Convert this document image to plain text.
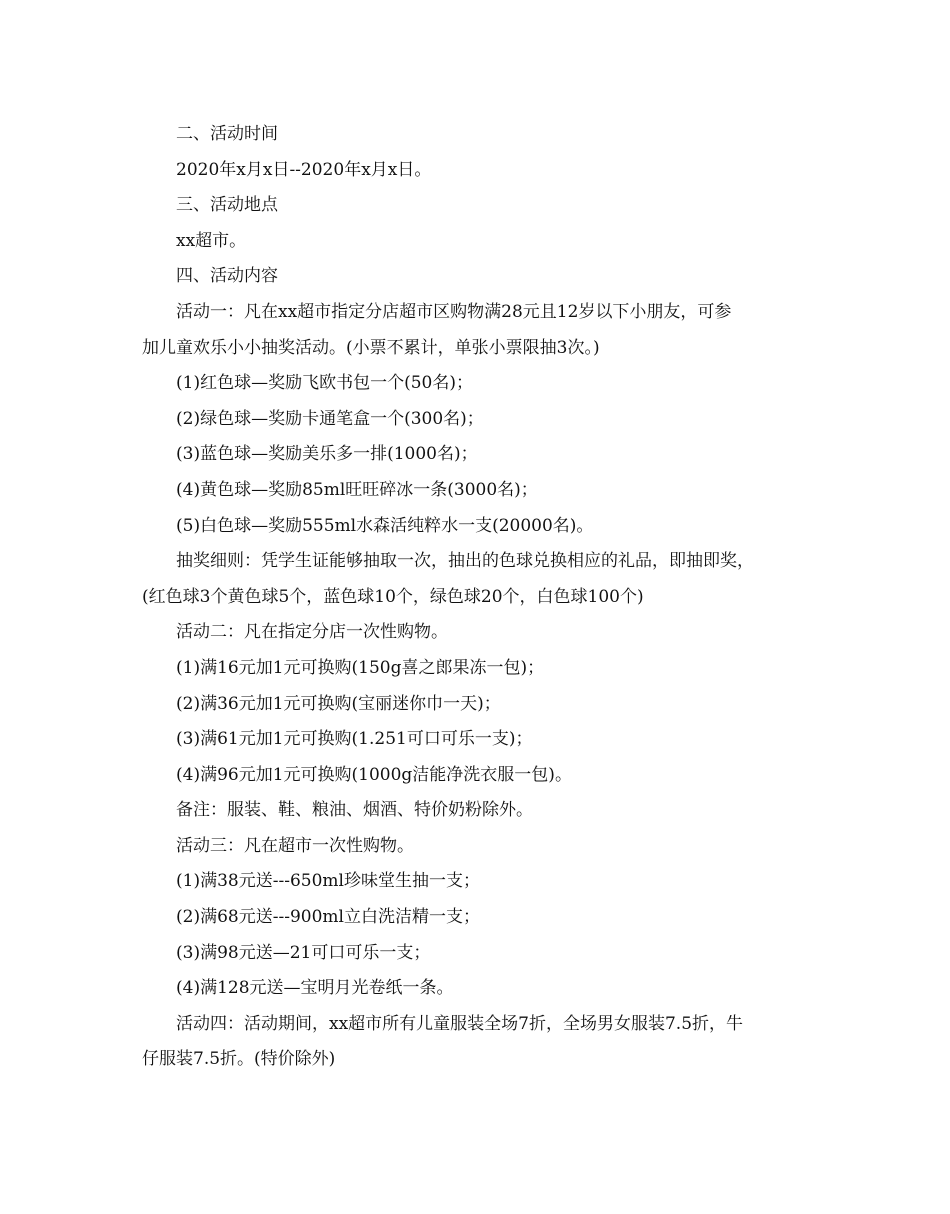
二、活动时间
2020年x月x日--2020年x月x日。
三、活动地点
xx超市。
四、活动内容
活动一：凡在xx超市指定分店超市区购物满28元且12岁以下小朋友，可参
加儿童欢乐小小抽奖活动。(小票不累计，单张小票限抽3次。)
(1)红色球—奖励飞欧书包一个(50名)；
(2)绿色球—奖励卡通笔盒一个(300名)；
(3)蓝色球—奖励美乐多一排(1000名)；
(4)黄色球—奖励85ml旺旺碎冰一条(3000名)；
(5)白色球—奖励555ml水森活纯粹水一支(20000名)。
抽奖细则：凭学生证能够抽取一次，抽出的色球兑换相应的礼品，即抽即奖，
(红色球3个黄色球5个，蓝色球10个，绿色球20个，白色球100个)
活动二：凡在指定分店一次性购物。
(1)满16元加1元可换购(150g喜之郎果冻一包)；
(2)满36元加1元可换购(宝丽迷你巾一天)；
(3)满61元加1元可换购(1.251可口可乐一支)；
(4)满96元加1元可换购(1000g洁能净洗衣服一包)。
备注：服装、鞋、粮油、烟酒、特价奶粉除外。
活动三：凡在超市一次性购物。
(1)满38元送---650ml珍味堂生抽一支；
(2)满68元送---900ml立白洗洁精一支；
(3)满98元送—21可口可乐一支；
(4)满128元送—宝明月光卷纸一条。
活动四：活动期间，xx超市所有儿童服装全场7折，全场男女服装7.5折，牛
仔服装7.5折。(特价除外)
